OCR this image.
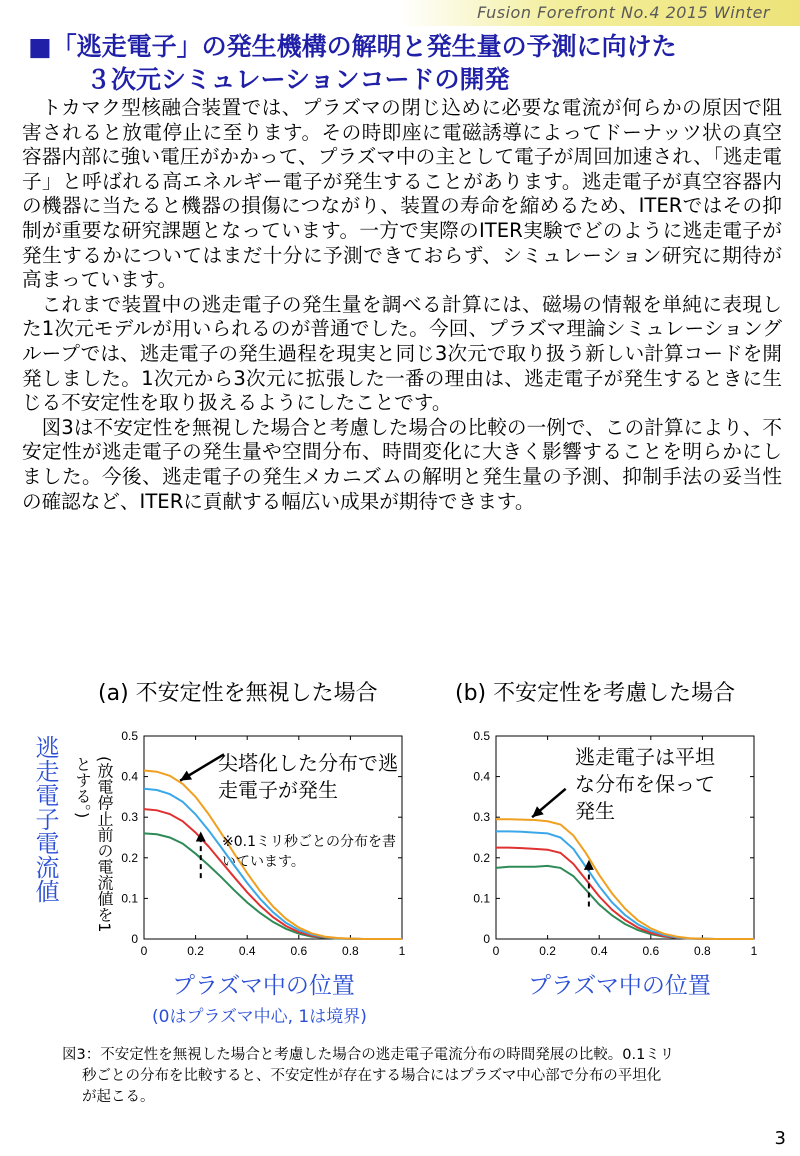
Fusion Forefront No.4 2015 Winter
■「逃走電子」の発生機構の解明と発生量の予測に向けた
３次元シミュレーションコードの開発

トカマク型核融合装置では、プラズマの閉じ込めに必要な電流が何らかの原因で阻害されると放電停止に至ります。その時即座に電磁誘導によってドーナッツ状の真空容器内部に強い電圧がかかって、プラズマ中の主として電子が周回加速され、「逃走電子」と呼ばれる高エネルギー電子が発生することがあります。逃走電子が真空容器内の機器に当たると機器の損傷につながり、装置の寿命を縮めるため、ITERではその抑制が重要な研究課題となっています。一方で実際のITER実験でどのように逃走電子が発生するかについてはまだ十分に予測できておらず、シミュレーション研究に期待が高まっています。

これまで装置中の逃走電子の発生量を調べる計算には、磁場の情報を単純に表現した1次元モデルが用いられるのが普通でした。今回、プラズマ理論シミュレーショングループでは、逃走電子の発生過程を現実と同じ3次元で取り扱う新しい計算コードを開発しました。1次元から3次元に拡張した一番の理由は、逃走電子が発生するときに生じる不安定性を取り扱えるようにしたことです。

図3は不安定性を無視した場合と考慮した場合の比較の一例で、この計算により、不安定性が逃走電子の発生量や空間分布、時間変化に大きく影響することを明らかにしました。今後、逃走電子の発生メカニズムの解明と発生量の予測、抑制手法の妥当性の確認など、ITERに貢献する幅広い成果が期待できます。

(a) 不安定性を無視した場合	(b) 不安定性を考慮した場合
逃走電子電流値	(放電停止前の電流値を1とする。)
0
0.1
0.2
0.3
0.4
0.5
0	0.2	0.4	0.6	0.8	1
0
0.1
0.2
0.3
0.4
0.5
0	0.2	0.4	0.6	0.8	1
尖塔化した分布で逃走電子が発生
※0.1ミリ秒ごとの分布を書いています。
逃走電子は平坦な分布を保って発生
プラズマ中の位置
(0はプラズマ中心, 1は境界)
プラズマ中の位置
図3：不安定性を無視した場合と考慮した場合の逃走電子電流分布の時間発展の比較。0.1ミリ
秒ごとの分布を比較すると、不安定性が存在する場合にはプラズマ中心部で分布の平坦化
が起こる。
3
